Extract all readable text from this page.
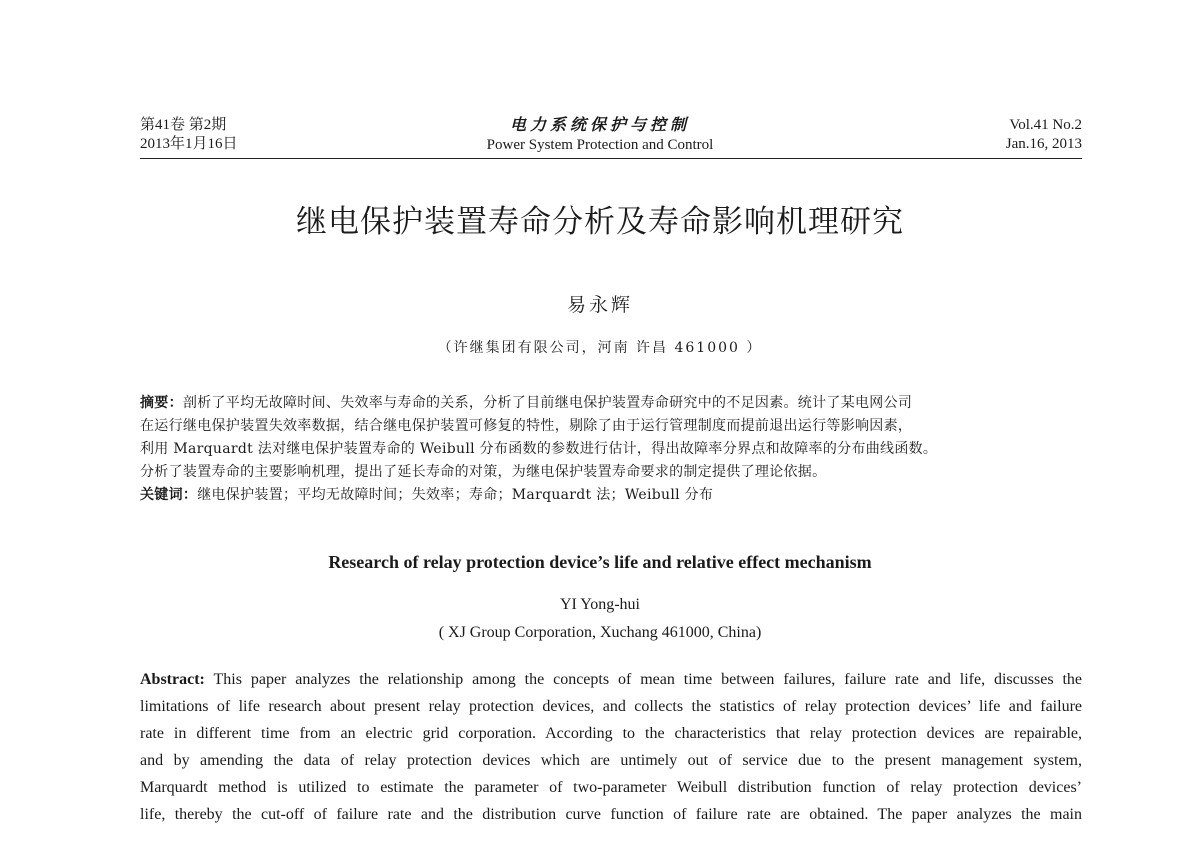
第41卷 第2期
2013年1月16日
电力系统保护与控制
Power System Protection and Control
Vol.41 No.2
Jan.16, 2013
继电保护装置寿命分析及寿命影响机理研究
易永辉
（许继集团有限公司，河南 许昌 461000 ）
摘要：剖析了平均无故障时间、失效率与寿命的关系，分析了目前继电保护装置寿命研究中的不足因素。统计了某电网公司
在运行继电保护装置失效率数据，结合继电保护装置可修复的特性，剔除了由于运行管理制度而提前退出运行等影响因素，
利用 Marquardt 法对继电保护装置寿命的 Weibull 分布函数的参数进行估计，得出故障率分界点和故障率的分布曲线函数。
分析了装置寿命的主要影响机理，提出了延长寿命的对策，为继电保护装置寿命要求的制定提供了理论依据。
关键词：继电保护装置；平均无故障时间；失效率；寿命；Marquardt 法；Weibull 分布
Research of relay protection device’s life and relative effect mechanism
YI Yong-hui
( XJ Group Corporation, Xuchang 461000, China)
Abstract: This paper analyzes the relationship among the concepts of mean time between failures, failure rate and life, discusses the
limitations of life research about present relay protection devices, and collects the statistics of relay protection devices’ life and failure
rate in different time from an electric grid corporation. According to the characteristics that relay protection devices are repairable,
and by amending the data of relay protection devices which are untimely out of service due to the present management system,
Marquardt method is utilized to estimate the parameter of two-parameter Weibull distribution function of relay protection devices’
life, thereby the cut-off of failure rate and the distribution curve function of failure rate are obtained. The paper analyzes the main
